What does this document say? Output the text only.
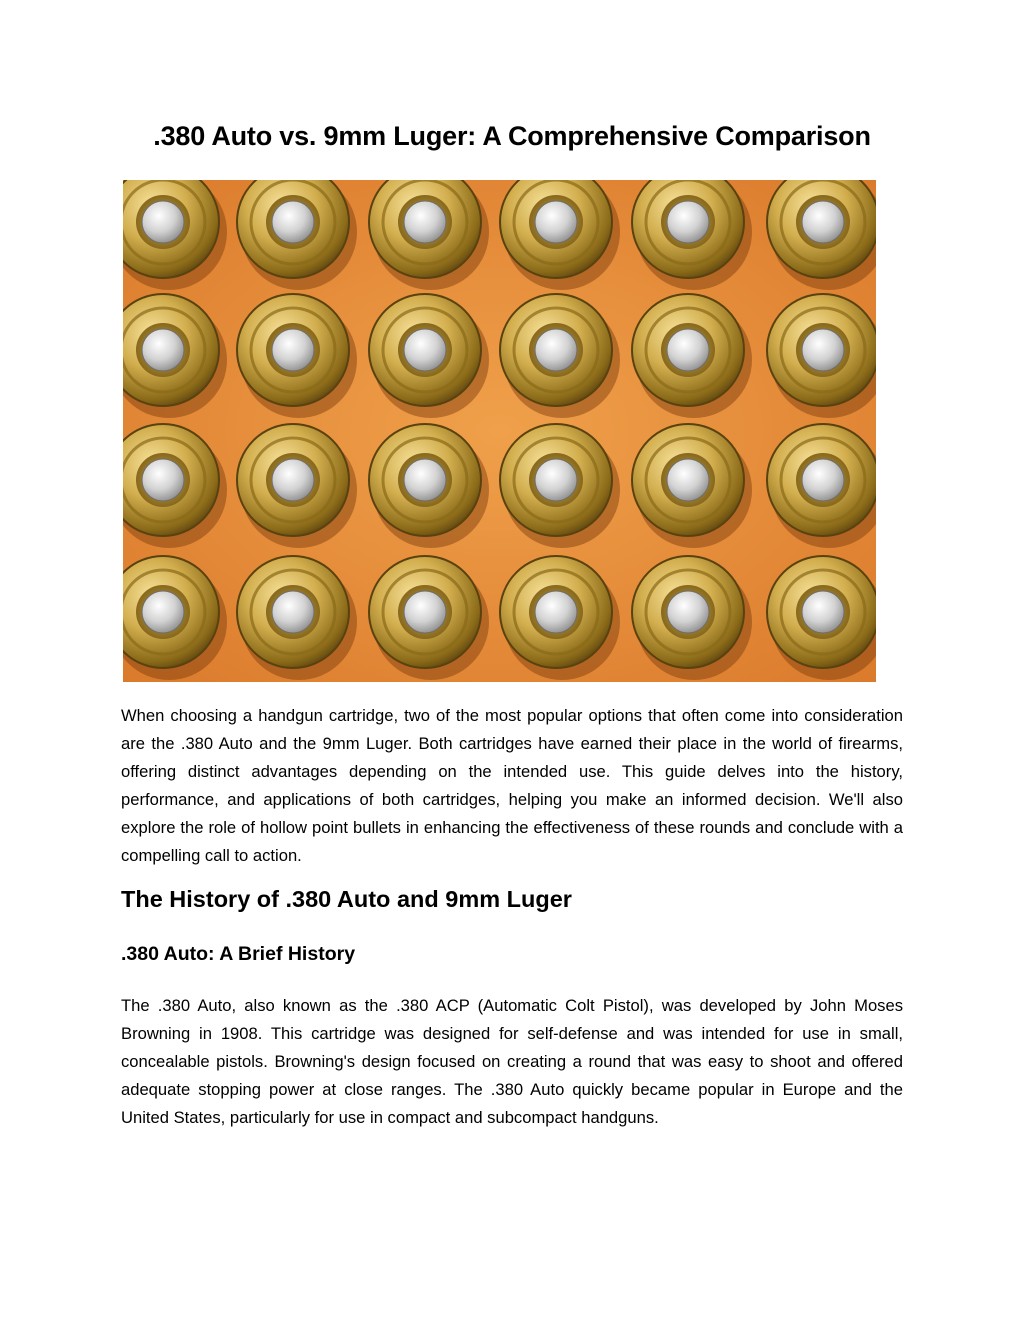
.380 Auto vs. 9mm Luger: A Comprehensive Comparison

When choosing a handgun cartridge, two of the most popular options that often come into consideration are the .380 Auto and the 9mm Luger. Both cartridges have earned their place in the world of firearms, offering distinct advantages depending on the intended use. This guide delves into the history, performance, and applications of both cartridges, helping you make an informed decision. We'll also explore the role of hollow point bullets in enhancing the effectiveness of these rounds and conclude with a compelling call to action.

The History of .380 Auto and 9mm Luger
.380 Auto: A Brief History

The .380 Auto, also known as the .380 ACP (Automatic Colt Pistol), was developed by John Moses Browning in 1908. This cartridge was designed for self-defense and was intended for use in small, concealable pistols. Browning's design focused on creating a round that was easy to shoot and offered adequate stopping power at close ranges. The .380 Auto quickly became popular in Europe and the United States, particularly for use in compact and subcompact handguns.
